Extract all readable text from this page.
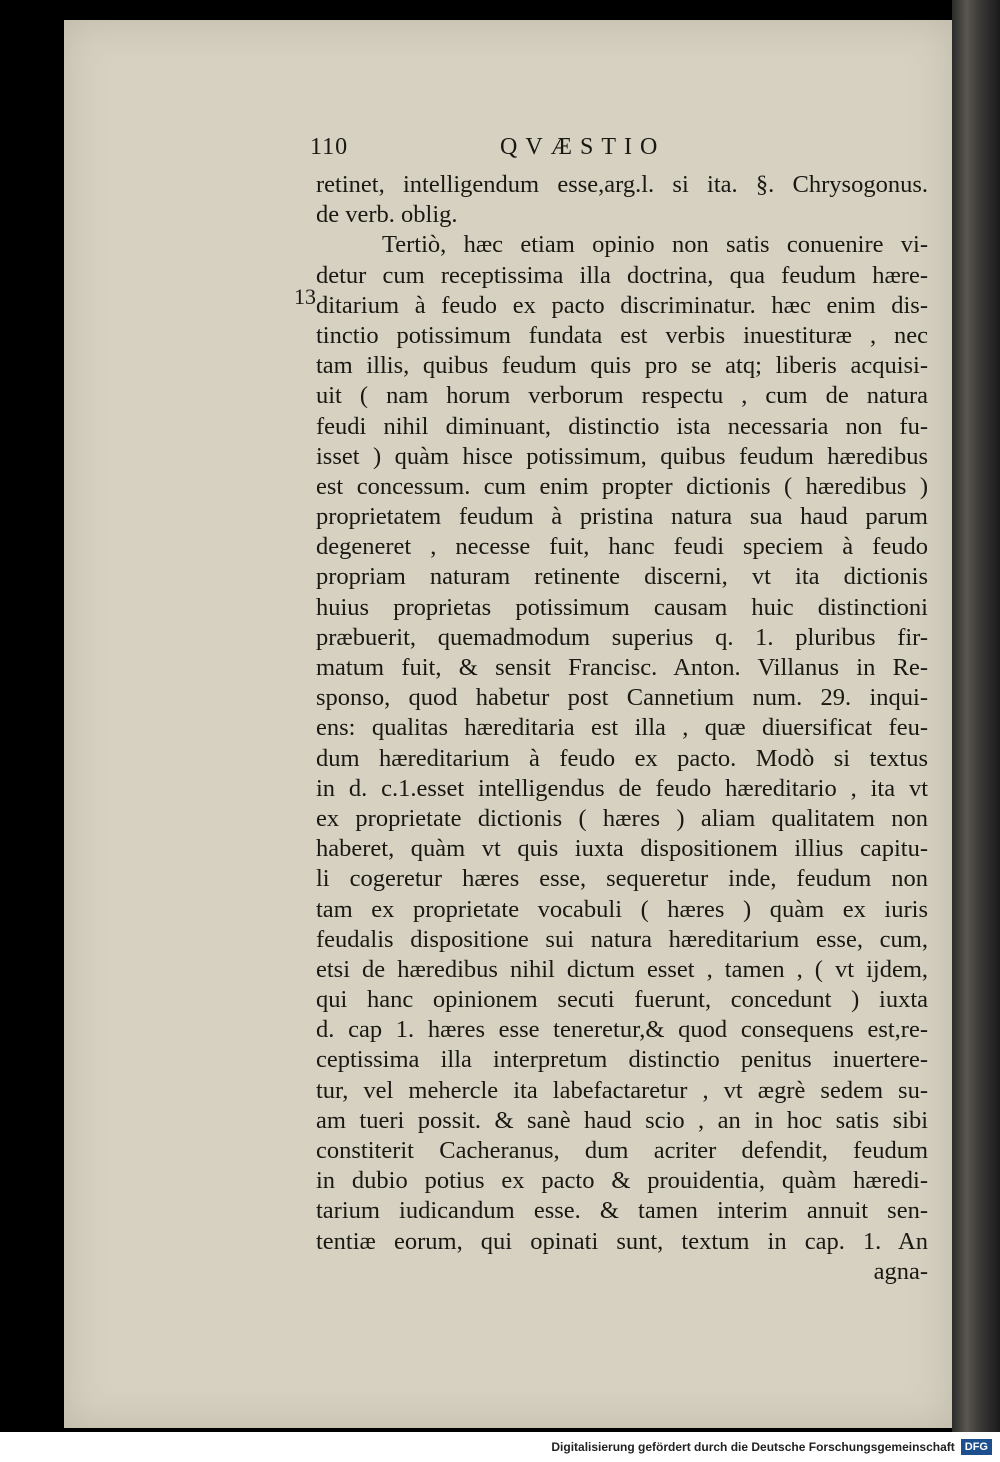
110	QVÆSTIO
13
retinet, intelligendum esse,arg.l. si ita. §. Chrysogonus.
de verb. oblig.
Tertiò, hæc etiam opinio non satis conuenire vi-
detur cum receptissima illa doctrina, qua feudum hære-
ditarium à feudo ex pacto discriminatur. hæc enim dis-
tinctio potissimum fundata est verbis inuestituræ , nec
tam illis, quibus feudum quis pro se atq; liberis acquisi-
uit ( nam horum verborum respectu , cum de natura
feudi nihil diminuant, distinctio ista necessaria non fu-
isset ) quàm hisce potissimum, quibus feudum hæredibus
est concessum. cum enim propter dictionis ( hæredibus )
proprietatem feudum à pristina natura sua haud parum
degeneret , necesse fuit, hanc feudi speciem à feudo
propriam naturam retinente discerni, vt ita dictionis
huius proprietas potissimum causam huic distinctioni
præbuerit, quemadmodum superius q. 1. pluribus fir-
matum fuit, & sensit Francisc. Anton. Villanus in Re-
sponso, quod habetur post Cannetium num. 29. inqui-
ens: qualitas hæreditaria est illa , quæ diuersificat feu-
dum hæreditarium à feudo ex pacto. Modò si textus
in d. c.1.esset intelligendus de feudo hæreditario , ita vt
ex proprietate dictionis ( hæres ) aliam qualitatem non
haberet, quàm vt quis iuxta dispositionem illius capitu-
li cogeretur hæres esse, sequeretur inde, feudum non
tam ex proprietate vocabuli ( hæres ) quàm ex iuris
feudalis dispositione sui natura hæreditarium esse, cum,
etsi de hæredibus nihil dictum esset , tamen , ( vt ijdem,
qui hanc opinionem secuti fuerunt, concedunt ) iuxta
d. cap 1. hæres esse teneretur,& quod consequens est,re-
ceptissima illa interpretum distinctio penitus inuertere-
tur, vel mehercle ita labefactaretur , vt ægrè sedem su-
am tueri possit. & sanè haud scio , an in hoc satis sibi
constiterit Cacheranus, dum acriter defendit, feudum
in dubio potius ex pacto & prouidentia, quàm hæredi-
tarium iudicandum esse. & tamen interim annuit sen-
tentiæ eorum, qui opinati sunt, textum in cap. 1. An
agna-
Digitalisierung gefördert durch die Deutsche Forschungsgemeinschaft DFG
